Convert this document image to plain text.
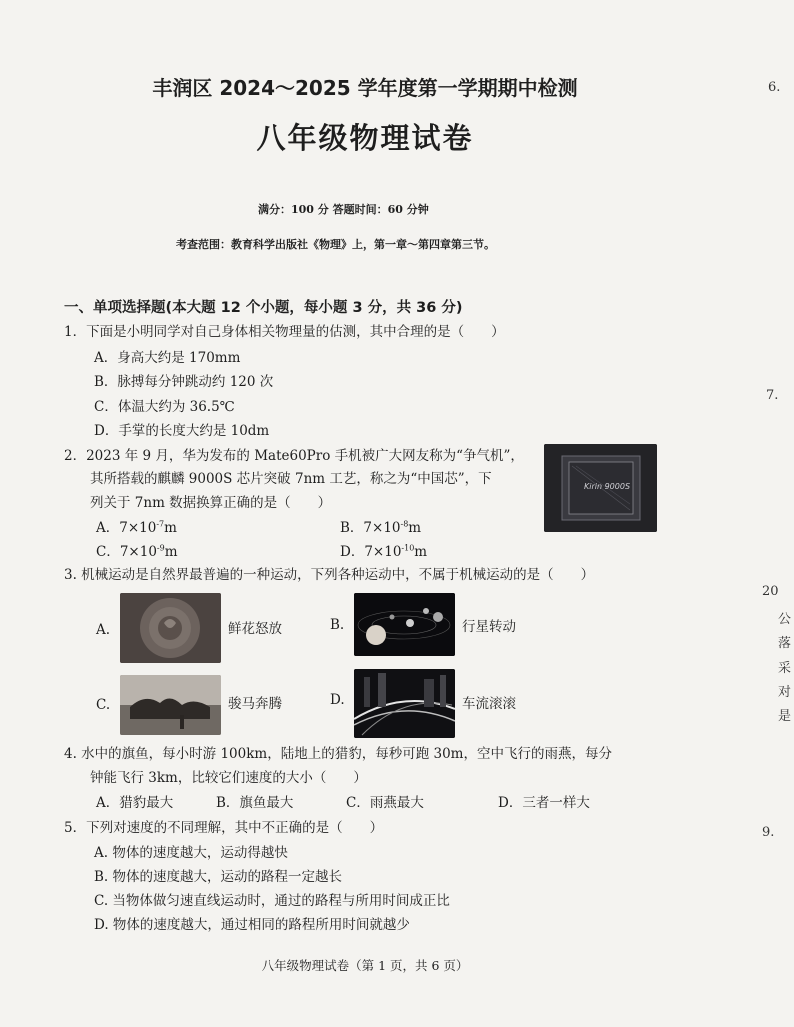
丰润区 2024～2025 学年度第一学期期中检测
八年级物理试卷
满分：100 分 答题时间：60 分钟
考查范围：教育科学出版社《物理》上，第一章～第四章第三节。
一、单项选择题(本大题 12 个小题，每小题 3 分，共 36 分)
1．下面是小明同学对自己身体相关物理量的估测，其中合理的是（　　）
A．身高大约是 170mm
B．脉搏每分钟跳动约 120 次
C．体温大约为 36.5℃
D．手掌的长度大约是 10dm
2．2023 年 9 月，华为发布的 Mate60Pro 手机被广大网友称为“争气机”，
其所搭载的麒麟 9000S 芯片突破 7nm 工艺，称之为“中国芯”，下
列关于 7nm 数据换算正确的是（　　）
A．$7\times 10^{-7}m$	B．$7\times 10^{-8}m$
C．$7\times 10^{-9}m$	D．$7\times 10^{-10}m$
Kirin 9000S
3. 机械运动是自然界最普遍的一种运动，下列各种运动中，不属于机械运动的是（　　）
A.	鲜花怒放	B.	行星转动
C.	骏马奔腾	D.	车流滚滚
4. 水中的旗鱼，每小时游 100km，陆地上的猎豹，每秒可跑 30m，空中飞行的雨燕，每分
钟能飞行 3km，比较它们速度的大小（　　）
A．猎豹最大	B．旗鱼最大	C．雨燕最大	D．三者一样大
5．下列对速度的不同理解，其中不正确的是（　　）
A. 物体的速度越大，运动得越快
B. 物体的速度越大，运动的路程一定越长
C. 当物体做匀速直线运动时，通过的路程与所用时间成正比
D. 物体的速度越大，通过相同的路程所用时间就越少
八年级物理试卷（第 1 页，共 6 页）
6.
7.
20
公
落
采
对
是
9.
